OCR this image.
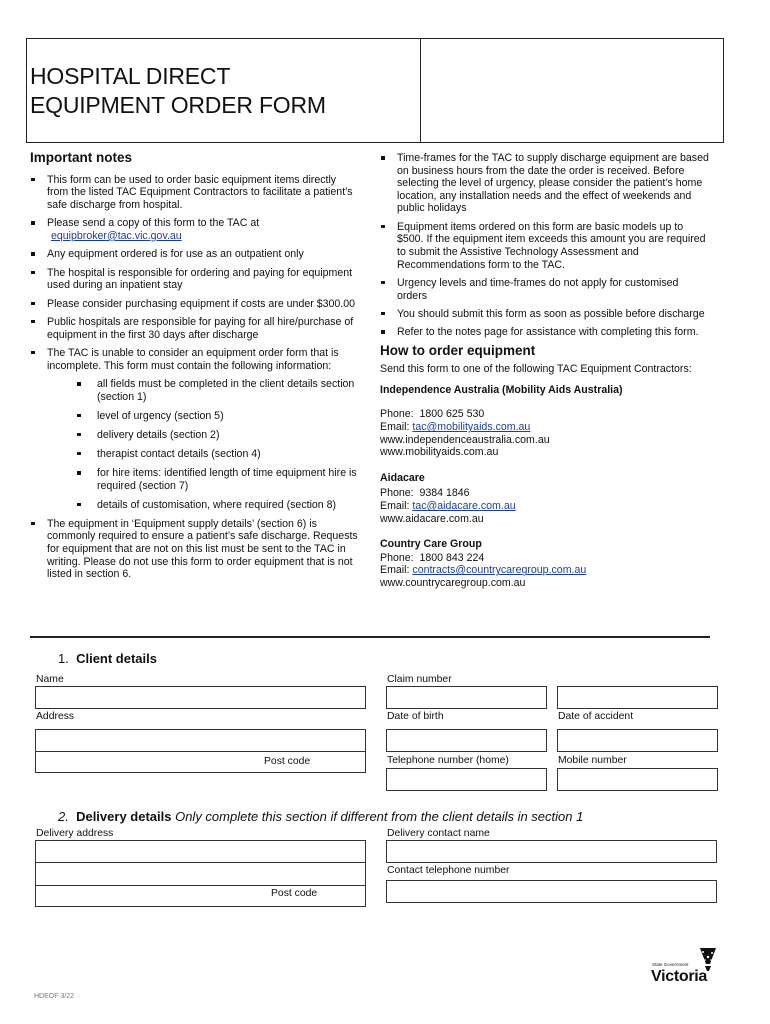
HOSPITAL DIRECT
EQUIPMENT ORDER FORM
Important notes
This form can be used to order basic equipment items directly from the listed TAC Equipment Contractors to facilitate a patient’s safe discharge from hospital.
Please send a copy of this form to the TAC at
equipbroker@tac.vic.gov.au
Any equipment ordered is for use as an outpatient only
The hospital is responsible for ordering and paying for equipment used during an inpatient stay
Please consider purchasing equipment if costs are under $300.00
Public hospitals are responsible for paying for all hire/purchase of equipment in the first 30 days after discharge
The TAC is unable to consider an equipment order form that is incomplete. This form must contain the following information:
all fields must be completed in the client details section (section 1)
level of urgency (section 5)
delivery details (section 2)
therapist contact details (section 4)
for hire items: identified length of time equipment hire is required (section 7)
details of customisation, where required (section 8)
The equipment in ‘Equipment supply details’ (section 6) is commonly required to ensure a patient’s safe discharge. Requests for equipment that are not on this list must be sent to the TAC in writing. Please do not use this form to order equipment that is not listed in section 6.
Time-frames for the TAC to supply discharge equipment are based on business hours from the date the order is received. Before selecting the level of urgency, please consider the patient’s home location, any installation needs and the effect of weekends and public holidays
Equipment items ordered on this form are basic models up to $500. If the equipment item exceeds this amount you are required to submit the Assistive Technology Assessment and Recommendations form to the TAC.
Urgency levels and time-frames do not apply for customised orders
You should submit this form as soon as possible before discharge
Refer to the notes page for assistance with completing this form.
How to order equipment

Send this form to one of the following TAC Equipment Contractors:

Independence Australia (Mobility Aids Australia)

Phone: 1800 625 530

Email: tac@mobilityaids.com.au

www.independenceaustralia.com.au

www.mobilityaids.com.au

Aidacare

Phone: 9384 1846

Email: tac@aidacare.com.au

www.aidacare.com.au

Country Care Group

Phone: 1800 843 224

Email: contracts@countrycaregroup.com.au

www.countrycaregroup.com.au

1. Client details
Name	Claim number
Address
Post code
Date of birth	Date of accident
Telephone number (home)	Mobile number
2. Delivery details Only complete this section if different from the client details in section 1
Delivery address
Post code
Delivery contact name
Contact telephone number
HDEOF 3/22
State Government
Victoria
